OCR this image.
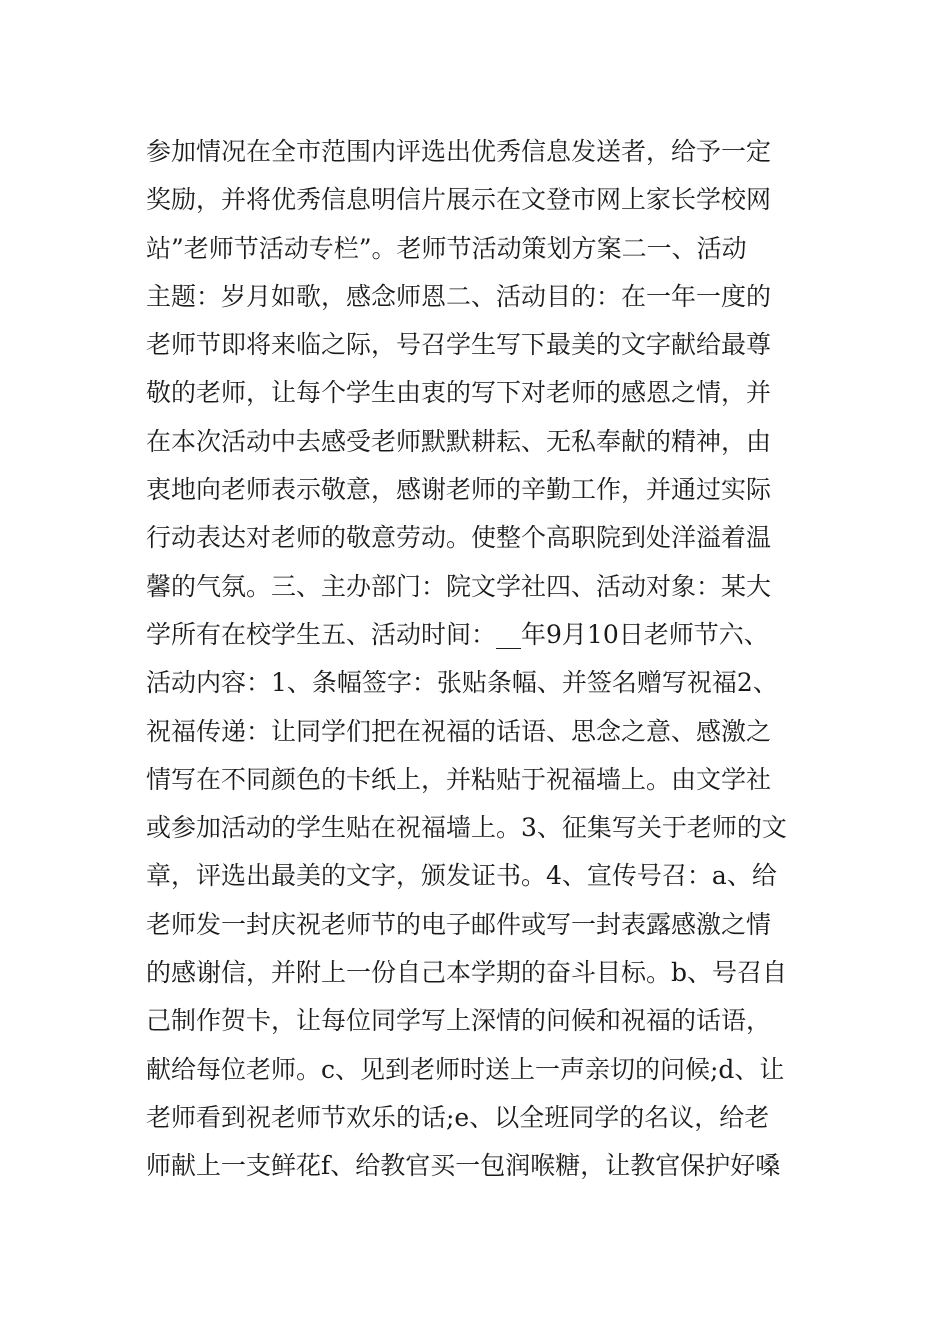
参加情况在全市范围内评选出优秀信息发送者，给予一定
奖励，并将优秀信息明信片展示在文登市网上家长学校网
站”老师节活动专栏”。老师节活动策划方案二一、活动
主题：岁月如歌，感念师恩二、活动目的：在一年一度的
老师节即将来临之际，号召学生写下最美的文字献给最尊
敬的老师，让每个学生由衷的写下对老师的感恩之情，并
在本次活动中去感受老师默默耕耘、无私奉献的精神，由
衷地向老师表示敬意，感谢老师的辛勤工作，并通过实际
行动表达对老师的敬意劳动。使整个高职院到处洋溢着温
馨的气氛。三、主办部门：院文学社四、活动对象：某大
学所有在校学生五、活动时间：__年9月10日老师节六、
活动内容：1、条幅签字：张贴条幅、并签名赠写祝福2、
祝福传递：让同学们把在祝福的话语、思念之意、感激之
情写在不同颜色的卡纸上，并粘贴于祝福墙上。由文学社
或参加活动的学生贴在祝福墙上。3、征集写关于老师的文
章，评选出最美的文字，颁发证书。4、宣传号召：a、给
老师发一封庆祝老师节的电子邮件或写一封表露感激之情
的感谢信，并附上一份自己本学期的奋斗目标。b、号召自
己制作贺卡，让每位同学写上深情的问候和祝福的话语，
献给每位老师。c、见到老师时送上一声亲切的问候;d、让
老师看到祝老师节欢乐的话;e、以全班同学的名议，给老
师献上一支鲜花f、给教官买一包润喉糖，让教官保护好嗓
